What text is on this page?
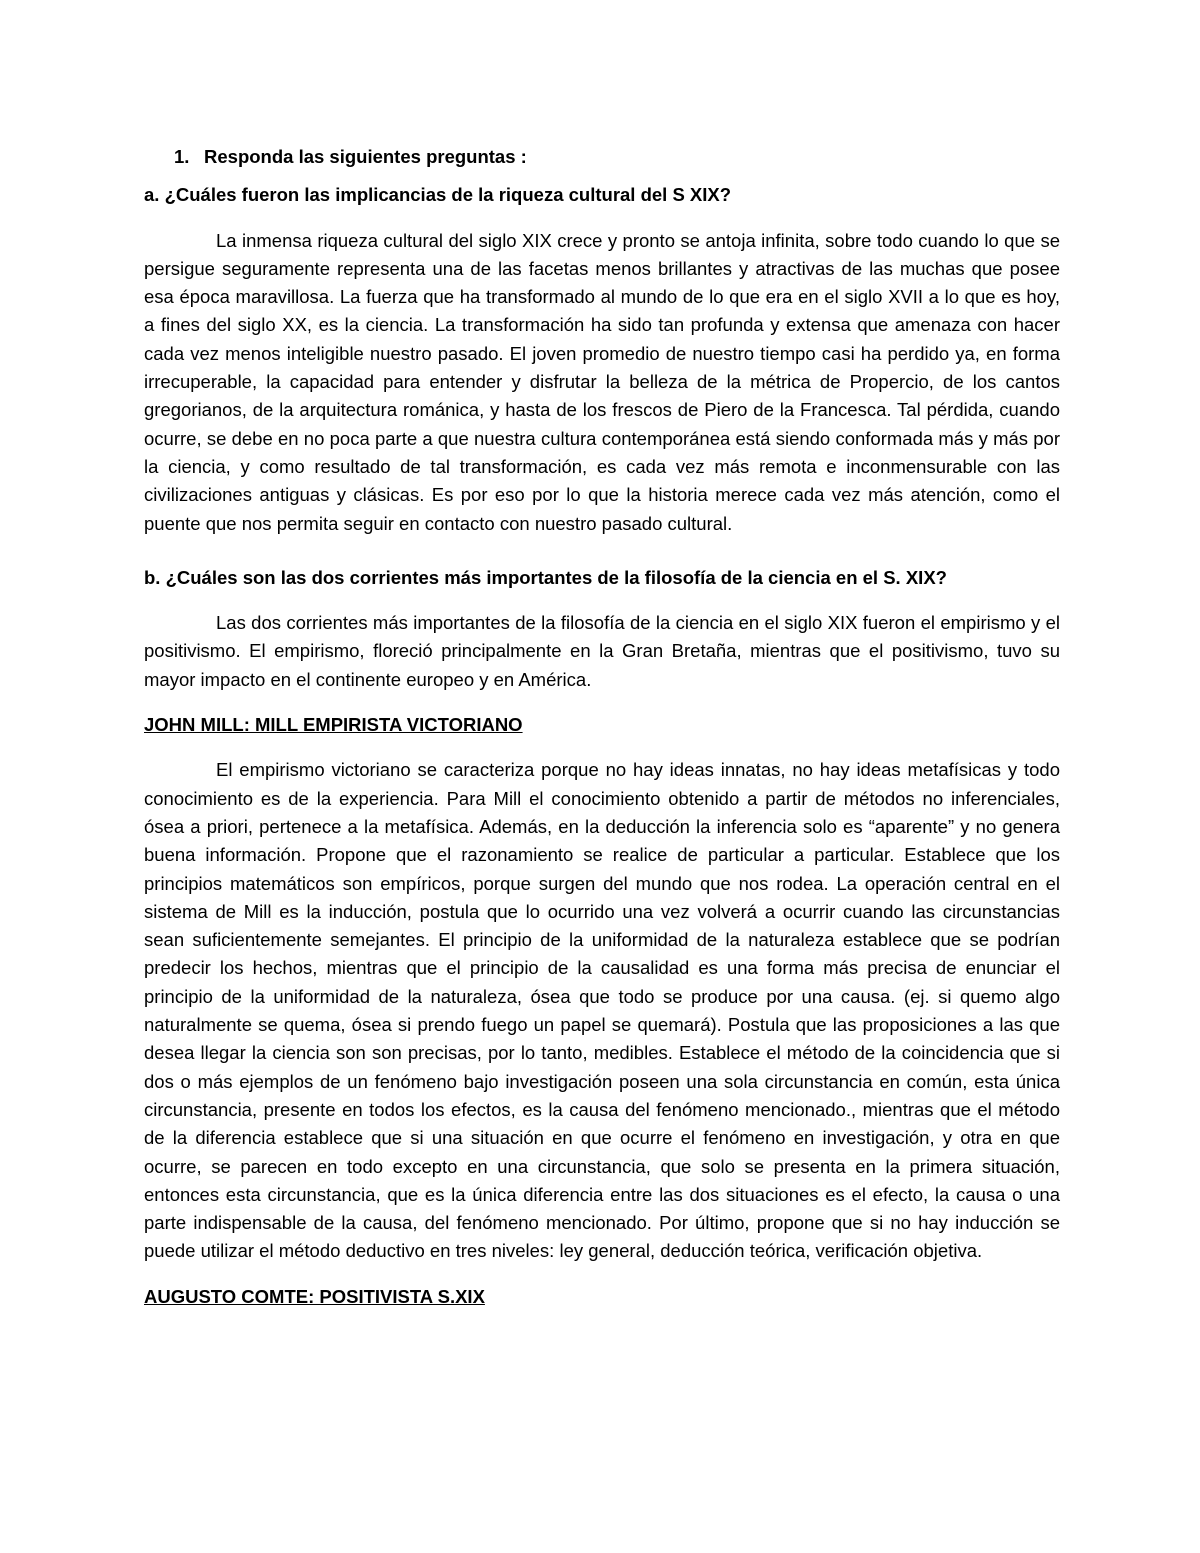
1. Responda las siguientes preguntas :

a. ¿Cuáles fueron las implicancias de la riqueza cultural del S XIX?

La inmensa riqueza cultural del siglo XIX crece y pronto se antoja infinita, sobre todo cuando lo que se persigue seguramente representa una de las facetas menos brillantes y atractivas de las muchas que posee esa época maravillosa. La fuerza que ha transformado al mundo de lo que era en el siglo XVII a lo que es hoy, a fines del siglo XX, es la ciencia. La transformación ha sido tan profunda y extensa que amenaza con hacer cada vez menos inteligible nuestro pasado. El joven promedio de nuestro tiempo casi ha perdido ya, en forma irrecuperable, la capacidad para entender y disfrutar la belleza de la métrica de Propercio, de los cantos gregorianos, de la arquitectura románica, y hasta de los frescos de Piero de la Francesca. Tal pérdida, cuando ocurre, se debe en no poca parte a que nuestra cultura contemporánea está siendo conformada más y más por la ciencia, y como resultado de tal transformación, es cada vez más remota e inconmensurable con las civilizaciones antiguas y clásicas. Es por eso por lo que la historia merece cada vez más atención, como el puente que nos permita seguir en contacto con nuestro pasado cultural.

b. ¿Cuáles son las dos corrientes más importantes de la filosofía de la ciencia en el S. XIX?

Las dos corrientes más importantes de la filosofía de la ciencia en el siglo XIX fueron el empirismo y el positivismo. El empirismo, floreció principalmente en la Gran Bretaña, mientras que el positivismo, tuvo su mayor impacto en el continente europeo y en América.

JOHN MILL: MILL EMPIRISTA VICTORIANO

El empirismo victoriano se caracteriza porque no hay ideas innatas, no hay ideas metafísicas y todo conocimiento es de la experiencia. Para Mill el conocimiento obtenido a partir de métodos no inferenciales, ósea a priori, pertenece a la metafísica. Además, en la deducción la inferencia solo es “aparente” y no genera buena información. Propone que el razonamiento se realice de particular a particular. Establece que los principios matemáticos son empíricos, porque surgen del mundo que nos rodea. La operación central en el sistema de Mill es la inducción, postula que lo ocurrido una vez volverá a ocurrir cuando las circunstancias sean suficientemente semejantes. El principio de la uniformidad de la naturaleza establece que se podrían predecir los hechos, mientras que el principio de la causalidad es una forma más precisa de enunciar el principio de la uniformidad de la naturaleza, ósea que todo se produce por una causa. (ej. si quemo algo naturalmente se quema, ósea si prendo fuego un papel se quemará). Postula que las proposiciones a las que desea llegar la ciencia son son precisas, por lo tanto, medibles. Establece el método de la coincidencia que si dos o más ejemplos de un fenómeno bajo investigación poseen una sola circunstancia en común, esta única circunstancia, presente en todos los efectos, es la causa del fenómeno mencionado., mientras que el método de la diferencia establece que si una situación en que ocurre el fenómeno en investigación, y otra en que ocurre, se parecen en todo excepto en una circunstancia, que solo se presenta en la primera situación, entonces esta circunstancia, que es la única diferencia entre las dos situaciones es el efecto, la causa o una parte indispensable de la causa, del fenómeno mencionado. Por último, propone que si no hay inducción se puede utilizar el método deductivo en tres niveles: ley general, deducción teórica, verificación objetiva.

AUGUSTO COMTE: POSITIVISTA S.XIX
